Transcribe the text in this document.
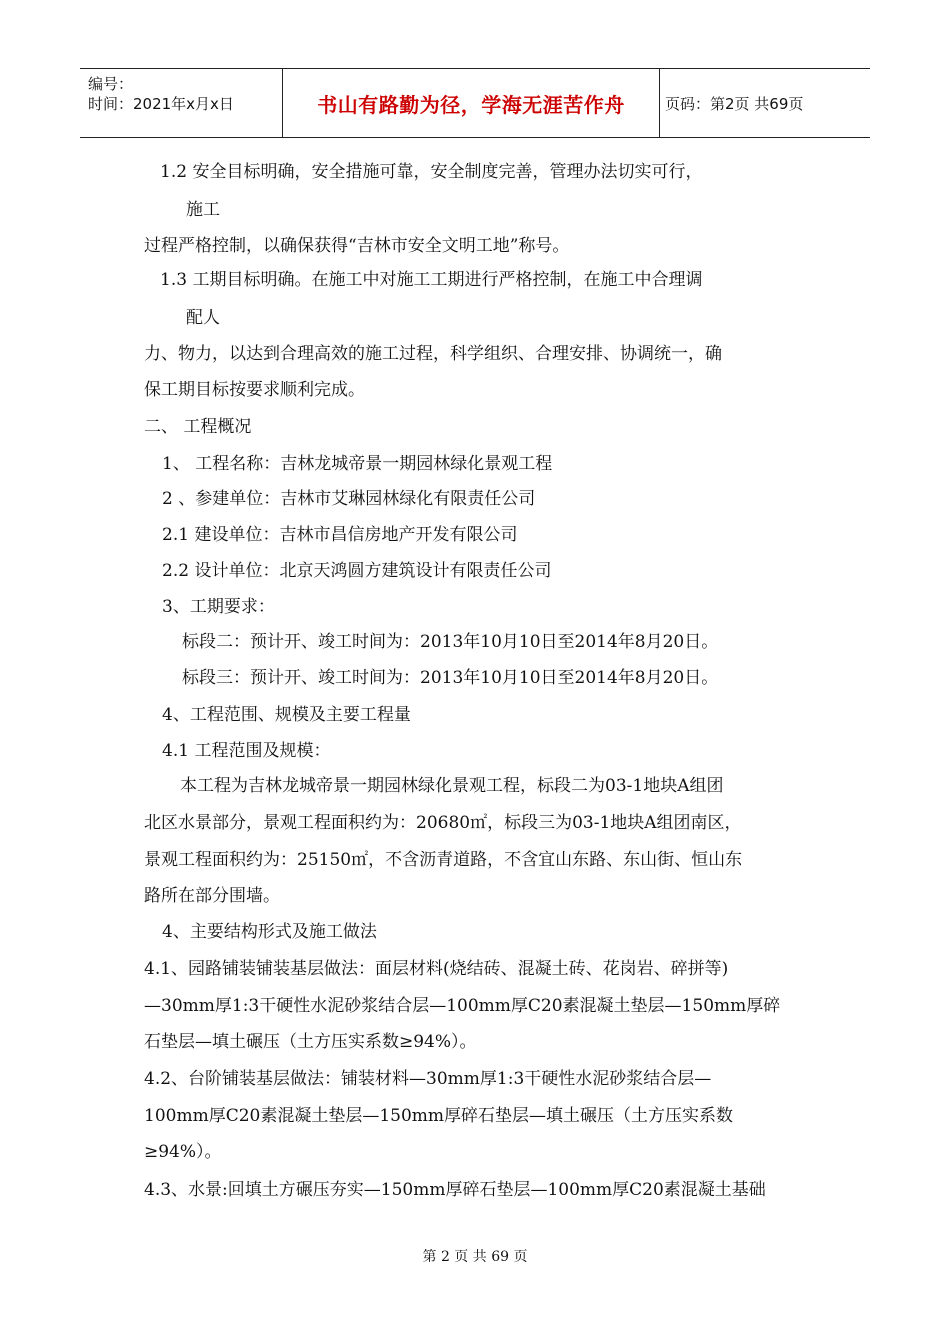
编号：
时间：2021年x月x日	书山有路勤为径，学海无涯苦作舟	页码：第2页 共69页
1.2 安全目标明确，安全措施可靠，安全制度完善，管理办法切实可行，
施工
过程严格控制，以确保获得“吉林市安全文明工地”称号。
1.3 工期目标明确。在施工中对施工工期进行严格控制，在施工中合理调
配人
力、物力，以达到合理高效的施工过程，科学组织、合理安排、协调统一，确
保工期目标按要求顺利完成。
二、 工程概况
1、 工程名称：吉林龙城帝景一期园林绿化景观工程
2 、参建单位：吉林市艾琳园林绿化有限责任公司
2.1 建设单位：吉林市昌信房地产开发有限公司
2.2 设计单位：北京天鸿圆方建筑设计有限责任公司
3、工期要求：
标段二：预计开、竣工时间为：2013年10月10日至2014年8月20日。
标段三：预计开、竣工时间为：2013年10月10日至2014年8月20日。
4、工程范围、规模及主要工程量
4.1 工程范围及规模：
本工程为吉林龙城帝景一期园林绿化景观工程，标段二为03-1地块A组团
北区水景部分，景观工程面积约为：20680㎡，标段三为03-1地块A组团南区，
景观工程面积约为：25150㎡，不含沥青道路，不含宜山东路、东山街、恒山东
路所在部分围墙。
4、主要结构形式及施工做法
4.1、园路铺装铺装基层做法：面层材料(烧结砖、混凝土砖、花岗岩、碎拼等)
—30mm厚1:3干硬性水泥砂浆结合层—100mm厚C20素混凝土垫层—150mm厚碎
石垫层—填土碾压（土方压实系数≥94%）。
4.2、台阶铺装基层做法：铺装材料—30mm厚1:3干硬性水泥砂浆结合层—
100mm厚C20素混凝土垫层—150mm厚碎石垫层—填土碾压（土方压实系数
≥94%）。
4.3、水景:回填土方碾压夯实—150mm厚碎石垫层—100mm厚C20素混凝土基础
第 2 页 共 69 页
